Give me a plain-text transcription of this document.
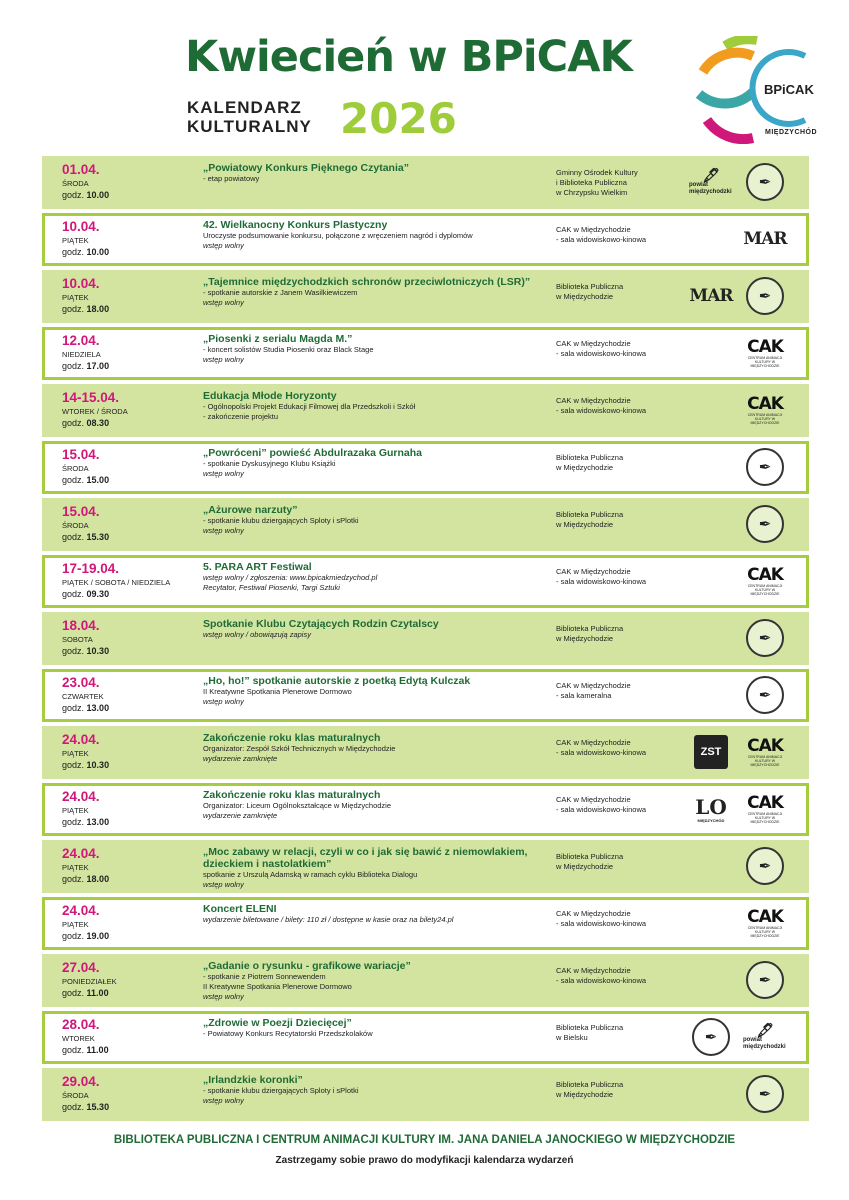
Kwiecień w BPiCAK
KALENDARZ
KULTURALNY 2026
BPiCAK
MIĘDZYCHÓD
01.04.
ŚRODA
godz. 10.00
„Powiatowy Konkurs Pięknego Czytania”
- etap powiatowy
Gminny Ośrodek Kultury
i Biblioteka Publiczna
w Chrzypsku Wielkim
🖋
powiat międzychodzki
✒
10.04.
PIĄTEK
godz. 10.00
42. Wielkanocny Konkurs Plastyczny
Uroczyste podsumowanie konkursu, połączone z wręczeniem nagród i dyplomów
wstęp wolny
CAK w Międzychodzie
- sala widowiskowo-kinowa	MAR
10.04.
PIĄTEK
godz. 18.00
„Tajemnice międzychodzkich schronów przeciwlotniczych (LSR)”
- spotkanie autorskie z Janem Wasilkiewiczem
wstęp wolny
Biblioteka Publiczna
w Międzychodzie	MAR ✒
12.04.
NIEDZIELA
godz. 17.00
„Piosenki z serialu Magda M.”
- koncert solistów Studia Piosenki oraz Black Stage
wstęp wolny
CAK w Międzychodzie
- sala widowiskowo-kinowa	CAK
CENTRUM ANIMACJI KULTURY W MIĘDZYCHODZIE
14-15.04.
WTOREK / ŚRODA
godz. 08.30
Edukacja Młode Horyzonty
- Ogólnopolski Projekt Edukacji Filmowej dla Przedszkoli i Szkół
- zakończenie projektu
CAK w Międzychodzie
- sala widowiskowo-kinowa	CAK
CENTRUM ANIMACJI KULTURY W MIĘDZYCHODZIE
15.04.
ŚRODA
godz. 15.00
„Powróceni” powieść Abdulrazaka Gurnaha
- spotkanie Dyskusyjnego Klubu Książki
wstęp wolny
Biblioteka Publiczna
w Międzychodzie	✒
15.04.
ŚRODA
godz. 15.30
„Ażurowe narzuty”
- spotkanie klubu dziergających Sploty i sPlotki
wstęp wolny
Biblioteka Publiczna
w Międzychodzie	✒
17-19.04.
PIĄTEK / SOBOTA / NIEDZIELA
godz. 09.30
5. PARA ART Festiwal
wstęp wolny / zgłoszenia: www.bpicakmiedzychod.pl
Recytator, Festiwal Piosenki, Targi Sztuki
CAK w Międzychodzie
- sala widowiskowo-kinowa	CAK
CENTRUM ANIMACJI KULTURY W MIĘDZYCHODZIE
18.04.
SOBOTA
godz. 10.30
Spotkanie Klubu Czytających Rodzin Czytalscy
wstęp wolny / obowiązują zapisy
Biblioteka Publiczna
w Międzychodzie	✒
23.04.
CZWARTEK
godz. 13.00
„Ho, ho!” spotkanie autorskie z poetką Edytą Kulczak
II Kreatywne Spotkania Plenerowe Dormowo
wstęp wolny
CAK w Międzychodzie
- sala kameralna	✒
24.04.
PIĄTEK
godz. 10.30
Zakończenie roku klas maturalnych
Organizator: Zespół Szkół Technicznych w Międzychodzie
wydarzenie zamknięte
CAK w Międzychodzie
- sala widowiskowo-kinowa	ZST	CAK
CENTRUM ANIMACJI KULTURY W MIĘDZYCHODZIE
24.04.
PIĄTEK
godz. 13.00
Zakończenie roku klas maturalnych
Organizator: Liceum Ogólnokształcące w Międzychodzie
wydarzenie zamknięte
CAK w Międzychodzie
- sala widowiskowo-kinowa	LO
MIĘDZYCHÓD
CAK
CENTRUM ANIMACJI KULTURY W MIĘDZYCHODZIE
24.04.
PIĄTEK
godz. 18.00
„Moc zabawy w relacji, czyli w co i jak się bawić z niemowlakiem, dzieckiem i nastolatkiem”
spotkanie z Urszulą Adamską w ramach cyklu Biblioteka Dialogu
wstęp wolny
Biblioteka Publiczna
w Międzychodzie	✒
24.04.
PIĄTEK
godz. 19.00
Koncert ELENI
wydarzenie biletowane / bilety: 110 zł / dostępne w kasie oraz na bilety24.pl
CAK w Międzychodzie
- sala widowiskowo-kinowa	CAK
CENTRUM ANIMACJI KULTURY W MIĘDZYCHODZIE
27.04.
PONIEDZIAŁEK
godz. 11.00
„Gadanie o rysunku - grafikowe wariacje”
- spotkanie z Piotrem Sonnewendem
II Kreatywne Spotkania Plenerowe Dormowo
wstęp wolny
CAK w Międzychodzie
- sala widowiskowo-kinowa	✒
28.04.
WTOREK
godz. 11.00
„Zdrowie w Poezji Dziecięcej”
- Powiatowy Konkurs Recytatorski Przedszkolaków
Biblioteka Publiczna
w Bielsku	✒	🖋
powiat międzychodzki
29.04.
ŚRODA
godz. 15.30
„Irlandzkie koronki”
- spotkanie klubu dziergających Sploty i sPlotki
wstęp wolny
Biblioteka Publiczna
w Międzychodzie	✒
BIBLIOTEKA PUBLICZNA I CENTRUM ANIMACJI KULTURY IM. JANA DANIELA JANOCKIEGO W MIĘDZYCHODZIE
Zastrzegamy sobie prawo do modyfikacji kalendarza wydarzeń
